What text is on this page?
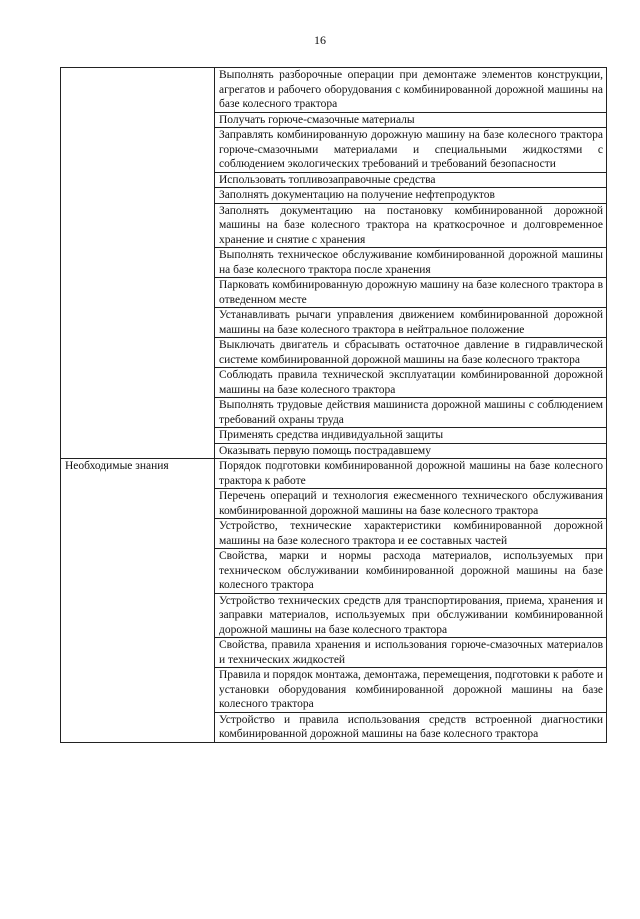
16

	Выполнять разборочные операции при демонтаже элементов конструкции, агрегатов и рабочего оборудования с комбинированной дорожной машины на базе колесного трактора

	Получать горюче-смазочные материалы

	Заправлять комбинированную дорожную машину на базе колесного трактора горюче-смазочными материалами и специальными жидкостями с соблюдением экологических требований и требований безопасности

	Использовать топливозаправочные средства

	Заполнять документацию на получение нефтепродуктов

	Заполнять документацию на постановку комбинированной дорожной машины на базе колесного трактора на краткосрочное и долговременное хранение и снятие с хранения

	Выполнять техническое обслуживание комбинированной дорожной машины на базе колесного трактора после хранения

	Парковать комбинированную дорожную машину на базе колесного трактора в отведенном месте

	Устанавливать рычаги управления движением комбинированной дорожной машины на базе колесного трактора в нейтральное положение

	Выключать двигатель и сбрасывать остаточное давление в гидравлической системе комбинированной дорожной машины на базе колесного трактора

	Соблюдать правила технической эксплуатации комбинированной дорожной машины на базе колесного трактора

	Выполнять трудовые действия машиниста дорожной машины с соблюдением требований охраны труда

	Применять средства индивидуальной защиты

	Оказывать первую помощь пострадавшему

Необходимые знания	Порядок подготовки комбинированной дорожной машины на базе колесного трактора к работе

	Перечень операций и технология ежесменного технического обслуживания комбинированной дорожной машины на базе колесного трактора

	Устройство, технические характеристики комбинированной дорожной машины на базе колесного трактора и ее составных частей

	Свойства, марки и нормы расхода материалов, используемых при техническом обслуживании комбинированной дорожной машины на базе колесного трактора

	Устройство технических средств для транспортирования, приема, хранения и заправки материалов, используемых при обслуживании комбинированной дорожной машины на базе колесного трактора

	Свойства, правила хранения и использования горюче-смазочных материалов и технических жидкостей

	Правила и порядок монтажа, демонтажа, перемещения, подготовки к работе и установки оборудования комбинированной дорожной машины на базе колесного трактора

	Устройство и правила использования средств встроенной диагностики комбинированной дорожной машины на базе колесного трактора
